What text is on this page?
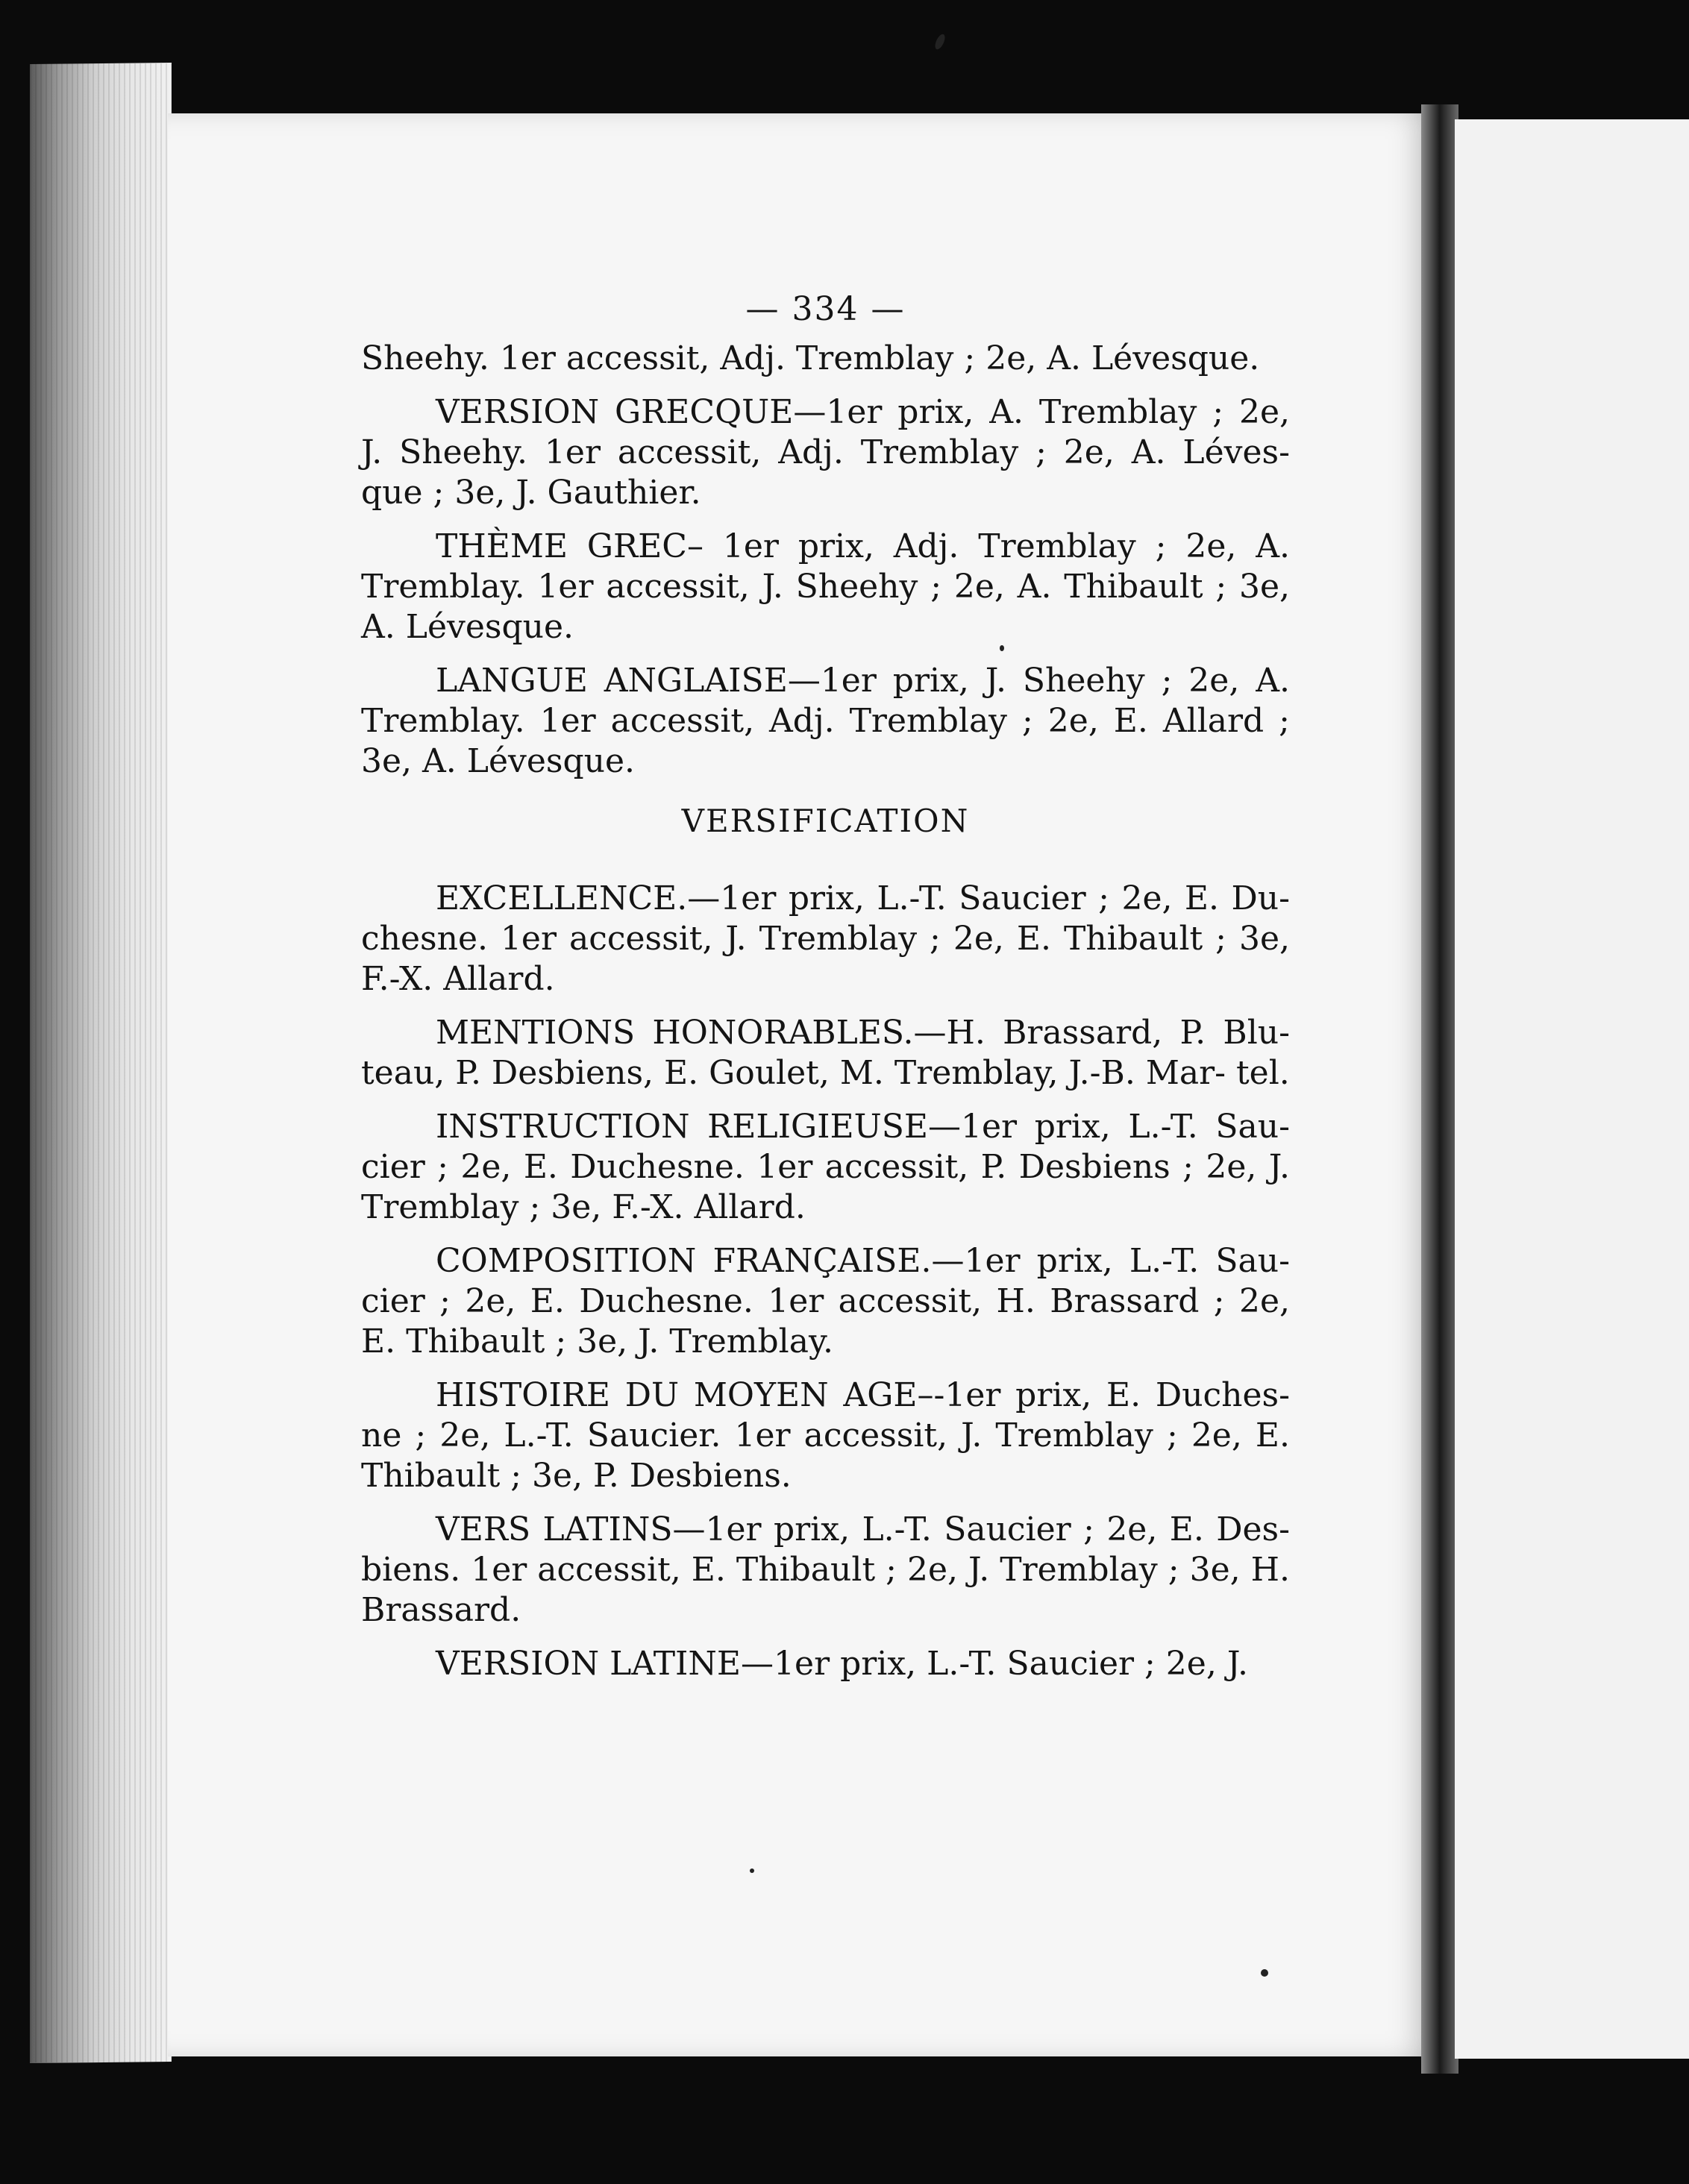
— 334 —

Sheehy. 1er accessit, Adj. Tremblay ; 2e, A. Lévesque.

VERSION GRECQUE—1er prix, A. Tremblay ; 2e, J. Sheehy. 1er accessit, Adj. Tremblay ; 2e, A. Léves- que ; 3e, J. Gauthier.

THÈME GREC– 1er prix, Adj. Tremblay ; 2e, A. Tremblay. 1er accessit, J. Sheehy ; 2e, A. Thibault ; 3e, A. Lévesque.

LANGUE ANGLAISE—1er prix, J. Sheehy ; 2e, A. Tremblay. 1er accessit, Adj. Tremblay ; 2e, E. Allard ; 3e, A. Lévesque.

VERSIFICATION

EXCELLENCE.—1er prix, L.-T. Saucier ; 2e, E. Du- chesne. 1er accessit, J. Tremblay ; 2e, E. Thibault ; 3e, F.-X. Allard.

MENTIONS HONORABLES.—H. Brassard, P. Blu- teau, P. Desbiens, E. Goulet, M. Tremblay, J.-B. Mar- tel.

INSTRUCTION RELIGIEUSE—1er prix, L.-T. Sau- cier ; 2e, E. Duchesne. 1er accessit, P. Desbiens ; 2e, J. Tremblay ; 3e, F.-X. Allard.

COMPOSITION FRANÇAISE.—1er prix, L.-T. Sau- cier ; 2e, E. Duchesne. 1er accessit, H. Brassard ; 2e, E. Thibault ; 3e, J. Tremblay.

HISTOIRE DU MOYEN AGE–-1er prix, E. Duches- ne ; 2e, L.-T. Saucier. 1er accessit, J. Tremblay ; 2e, E. Thibault ; 3e, P. Desbiens.

VERS LATINS—1er prix, L.-T. Saucier ; 2e, E. Des- biens. 1er accessit, E. Thibault ; 2e, J. Tremblay ; 3e, H. Brassard.

VERSION LATINE—1er prix, L.-T. Saucier ; 2e, J.
